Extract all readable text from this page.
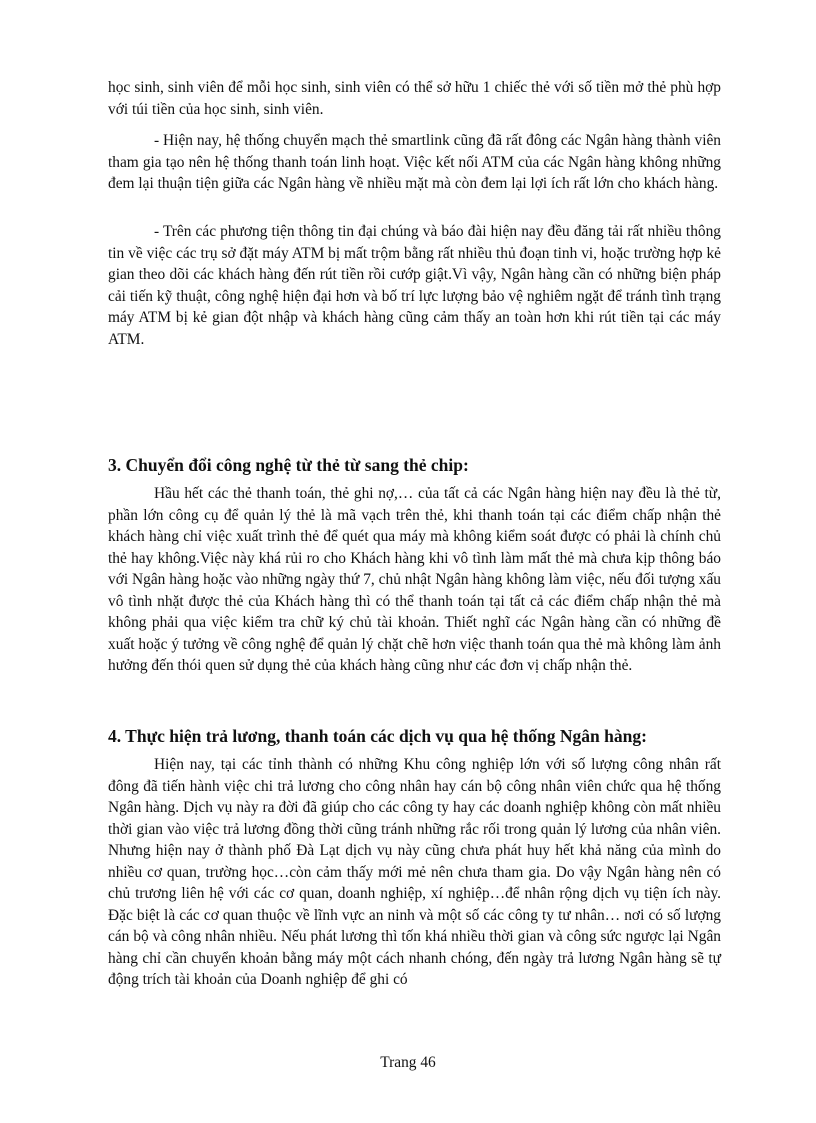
học sinh, sinh viên để mỗi học sinh, sinh viên có thể sở hữu 1 chiếc thẻ với số tiền mở thẻ phù hợp với túi tiền của học sinh, sinh viên.

- Hiện nay, hệ thống chuyển mạch thẻ smartlink cũng đã rất đông các Ngân hàng thành viên tham gia tạo nên hệ thống thanh toán linh hoạt. Việc kết nối ATM của các Ngân hàng không những đem lại thuận tiện giữa các Ngân hàng về nhiều mặt mà còn đem lại lợi ích rất lớn cho khách hàng.

- Trên các phương tiện thông tin đại chúng và báo đài hiện nay đều đăng tải rất nhiều thông tin về việc các trụ sở đặt máy ATM bị mất trộm bằng rất nhiều thủ đoạn tinh vi, hoặc trường hợp kẻ gian theo dõi các khách hàng đến rút tiền rồi cướp giật.Vì vậy, Ngân hàng cần có những biện pháp cải tiến kỹ thuật, công nghệ hiện đại hơn và bố trí lực lượng bảo vệ nghiêm ngặt để tránh tình trạng máy ATM bị kẻ gian đột nhập và khách hàng cũng cảm thấy an toàn hơn khi rút tiền tại các máy ATM.

3. Chuyển đổi công nghệ từ thẻ từ sang thẻ chip:

Hầu hết các thẻ thanh toán, thẻ ghi nợ,… của tất cả các Ngân hàng hiện nay đều là thẻ từ, phần lớn công cụ để quản lý thẻ là mã vạch trên thẻ, khi thanh toán tại các điểm chấp nhận thẻ khách hàng chỉ việc xuất trình thẻ để quét qua máy mà không kiểm soát được có phải là chính chủ thẻ hay không.Việc này khá rủi ro cho Khách hàng khi vô tình làm mất thẻ mà chưa kịp thông báo với Ngân hàng hoặc vào những ngày thứ 7, chủ nhật Ngân hàng không làm việc, nếu đối tượng xấu vô tình nhặt được thẻ của Khách hàng thì có thể thanh toán tại tất cả các điểm chấp nhận thẻ mà không phải qua việc kiểm tra chữ ký chủ tài khoản. Thiết nghĩ các Ngân hàng cần có những đề xuất hoặc ý tưởng về công nghệ để quản lý chặt chẽ hơn việc thanh toán qua thẻ mà không làm ảnh hưởng đến thói quen sử dụng thẻ của khách hàng cũng như các đơn vị chấp nhận thẻ.

4. Thực hiện trả lương, thanh toán các dịch vụ qua hệ thống Ngân hàng:

Hiện nay, tại các tỉnh thành có những Khu công nghiệp lớn với số lượng công nhân rất đông đã tiến hành việc chi trả lương cho công nhân hay cán bộ công nhân viên chức qua hệ thống Ngân hàng. Dịch vụ này ra đời đã giúp cho các công ty hay các doanh nghiệp không còn mất nhiều thời gian vào việc trả lương đồng thời cũng tránh những rắc rối trong quản lý lương của nhân viên. Nhưng hiện nay ở thành phố Đà Lạt dịch vụ này cũng chưa phát huy hết khả năng của mình do nhiều cơ quan, trường học…còn cảm thấy mới mẻ nên chưa tham gia. Do vậy Ngân hàng nên có chủ trương liên hệ với các cơ quan, doanh nghiệp, xí nghiệp…để nhân rộng dịch vụ tiện ích này. Đặc biệt là các cơ quan thuộc về lĩnh vực an ninh và một số các công ty tư nhân… nơi có số lượng cán bộ và công nhân nhiều. Nếu phát lương thì tốn khá nhiều thời gian và công sức ngược lại Ngân hàng chỉ cần chuyển khoản bằng máy một cách nhanh chóng, đến ngày trả lương Ngân hàng sẽ tự động trích tài khoản của Doanh nghiệp để ghi có

Trang 46
